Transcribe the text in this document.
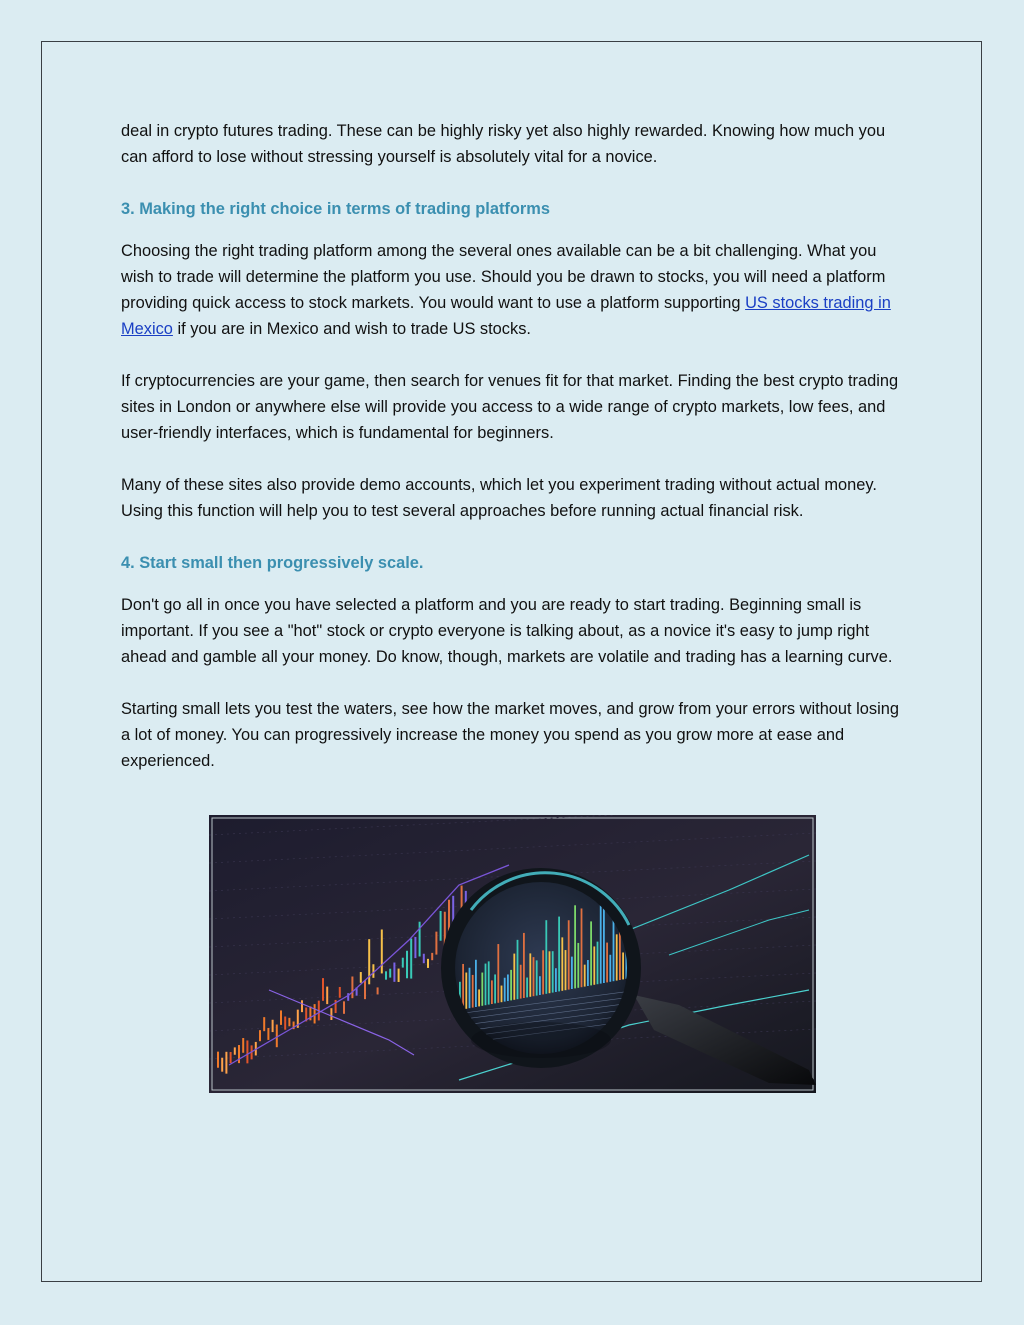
deal in crypto futures trading. These can be highly risky yet also highly rewarded. Knowing how much you can afford to lose without stressing yourself is absolutely vital for a novice.

3. Making the right choice in terms of trading platforms

Choosing the right trading platform among the several ones available can be a bit challenging. What you wish to trade will determine the platform you use. Should you be drawn to stocks, you will need a platform providing quick access to stock markets. You would want to use a platform supporting US stocks trading in Mexico if you are in Mexico and wish to trade US stocks.

If cryptocurrencies are your game, then search for venues fit for that market. Finding the best crypto trading sites in London or anywhere else will provide you access to a wide range of crypto markets, low fees, and user-friendly interfaces, which is fundamental for beginners.

Many of these sites also provide demo accounts, which let you experiment trading without actual money. Using this function will help you to test several approaches before running actual financial risk.

4. Start small then progressively scale.

Don't go all in once you have selected a platform and you are ready to start trading. Beginning small is important. If you see a "hot" stock or crypto everyone is talking about, as a novice it's easy to jump right ahead and gamble all your money. Do know, though, markets are volatile and trading has a learning curve.

Starting small lets you test the waters, see how the market moves, and grow from your errors without losing a lot of money. You can progressively increase the money you spend as you grow more at ease and experienced.
